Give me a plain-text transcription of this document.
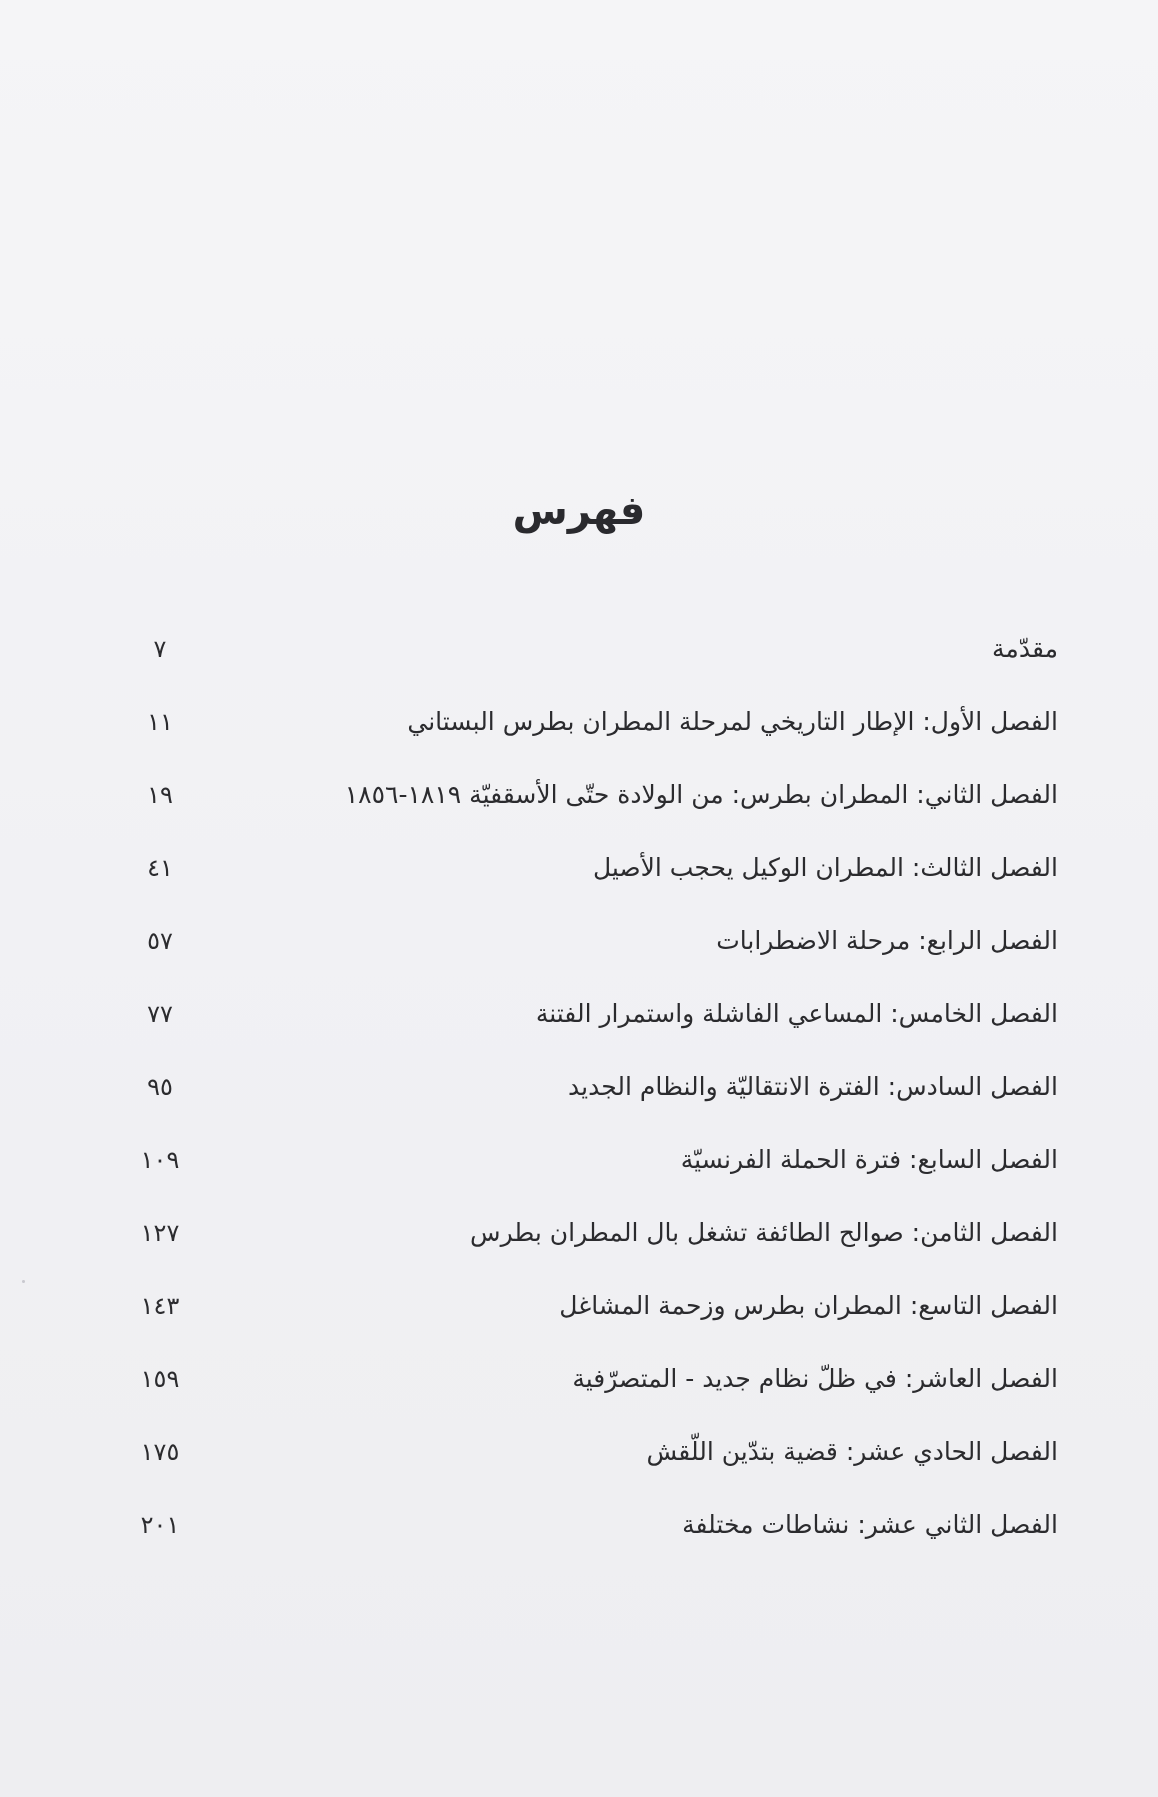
فهرس
مقدّمة
٧
الفصل الأول: الإطار التاريخي لمرحلة المطران بطرس البستاني
١١
الفصل الثاني: المطران بطرس: من الولادة حتّى الأسقفيّة ١٨١٩-١٨٥٦
١٩
الفصل الثالث: المطران الوكيل يحجب الأصيل
٤١
الفصل الرابع: مرحلة الاضطرابات
٥٧
الفصل الخامس: المساعي الفاشلة واستمرار الفتنة
٧٧
الفصل السادس: الفترة الانتقاليّة والنظام الجديد
٩٥
الفصل السابع: فترة الحملة الفرنسيّة
١٠٩
الفصل الثامن: صوالح الطائفة تشغل بال المطران بطرس
١٢٧
الفصل التاسع: المطران بطرس وزحمة المشاغل
١٤٣
الفصل العاشر: في ظلّ نظام جديد - المتصرّفية
١٥٩
الفصل الحادي عشر: قضية بتدّين اللّقش
١٧٥
الفصل الثاني عشر: نشاطات مختلفة
٢٠١
